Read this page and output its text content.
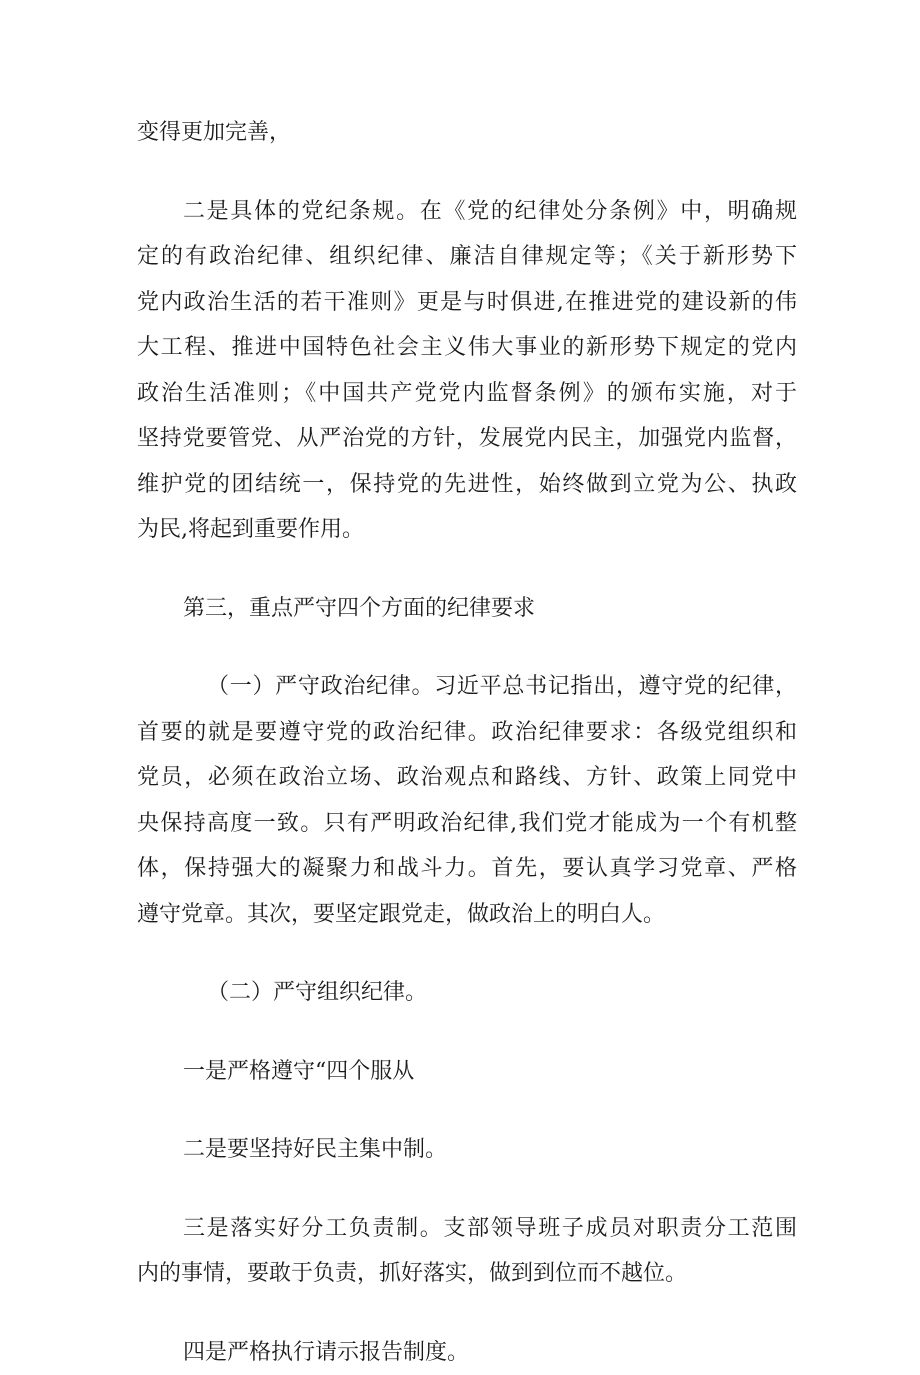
变得更加完善，
二是具体的党纪条规。在《党的纪律处分条例》中，明确规
定的有政治纪律、组织纪律、廉洁自律规定等；《关于新形势下
党内政治生活的若干准则》更是与时俱进,在推进党的建设新的伟
大工程、推进中国特色社会主义伟大事业的新形势下规定的党内
政治生活准则；《中国共产党党内监督条例》的颁布实施，对于
坚持党要管党、从严治党的方针，发展党内民主，加强党内监督，
维护党的团结统一，保持党的先进性，始终做到立党为公、执政
为民,将起到重要作用。
第三，重点严守四个方面的纪律要求
（一）严守政治纪律。习近平总书记指出，遵守党的纪律，
首要的就是要遵守党的政治纪律。政治纪律要求：各级党组织和
党员，必须在政治立场、政治观点和路线、方针、政策上同党中
央保持高度一致。只有严明政治纪律,我们党才能成为一个有机整
体，保持强大的凝聚力和战斗力。首先，要认真学习党章、严格
遵守党章。其次，要坚定跟党走，做政治上的明白人。
（二）严守组织纪律。
一是严格遵守“四个服从
二是要坚持好民主集中制。
三是落实好分工负责制。支部领导班子成员对职责分工范围
内的事情，要敢于负责，抓好落实，做到到位而不越位。
四是严格执行请示报告制度。
